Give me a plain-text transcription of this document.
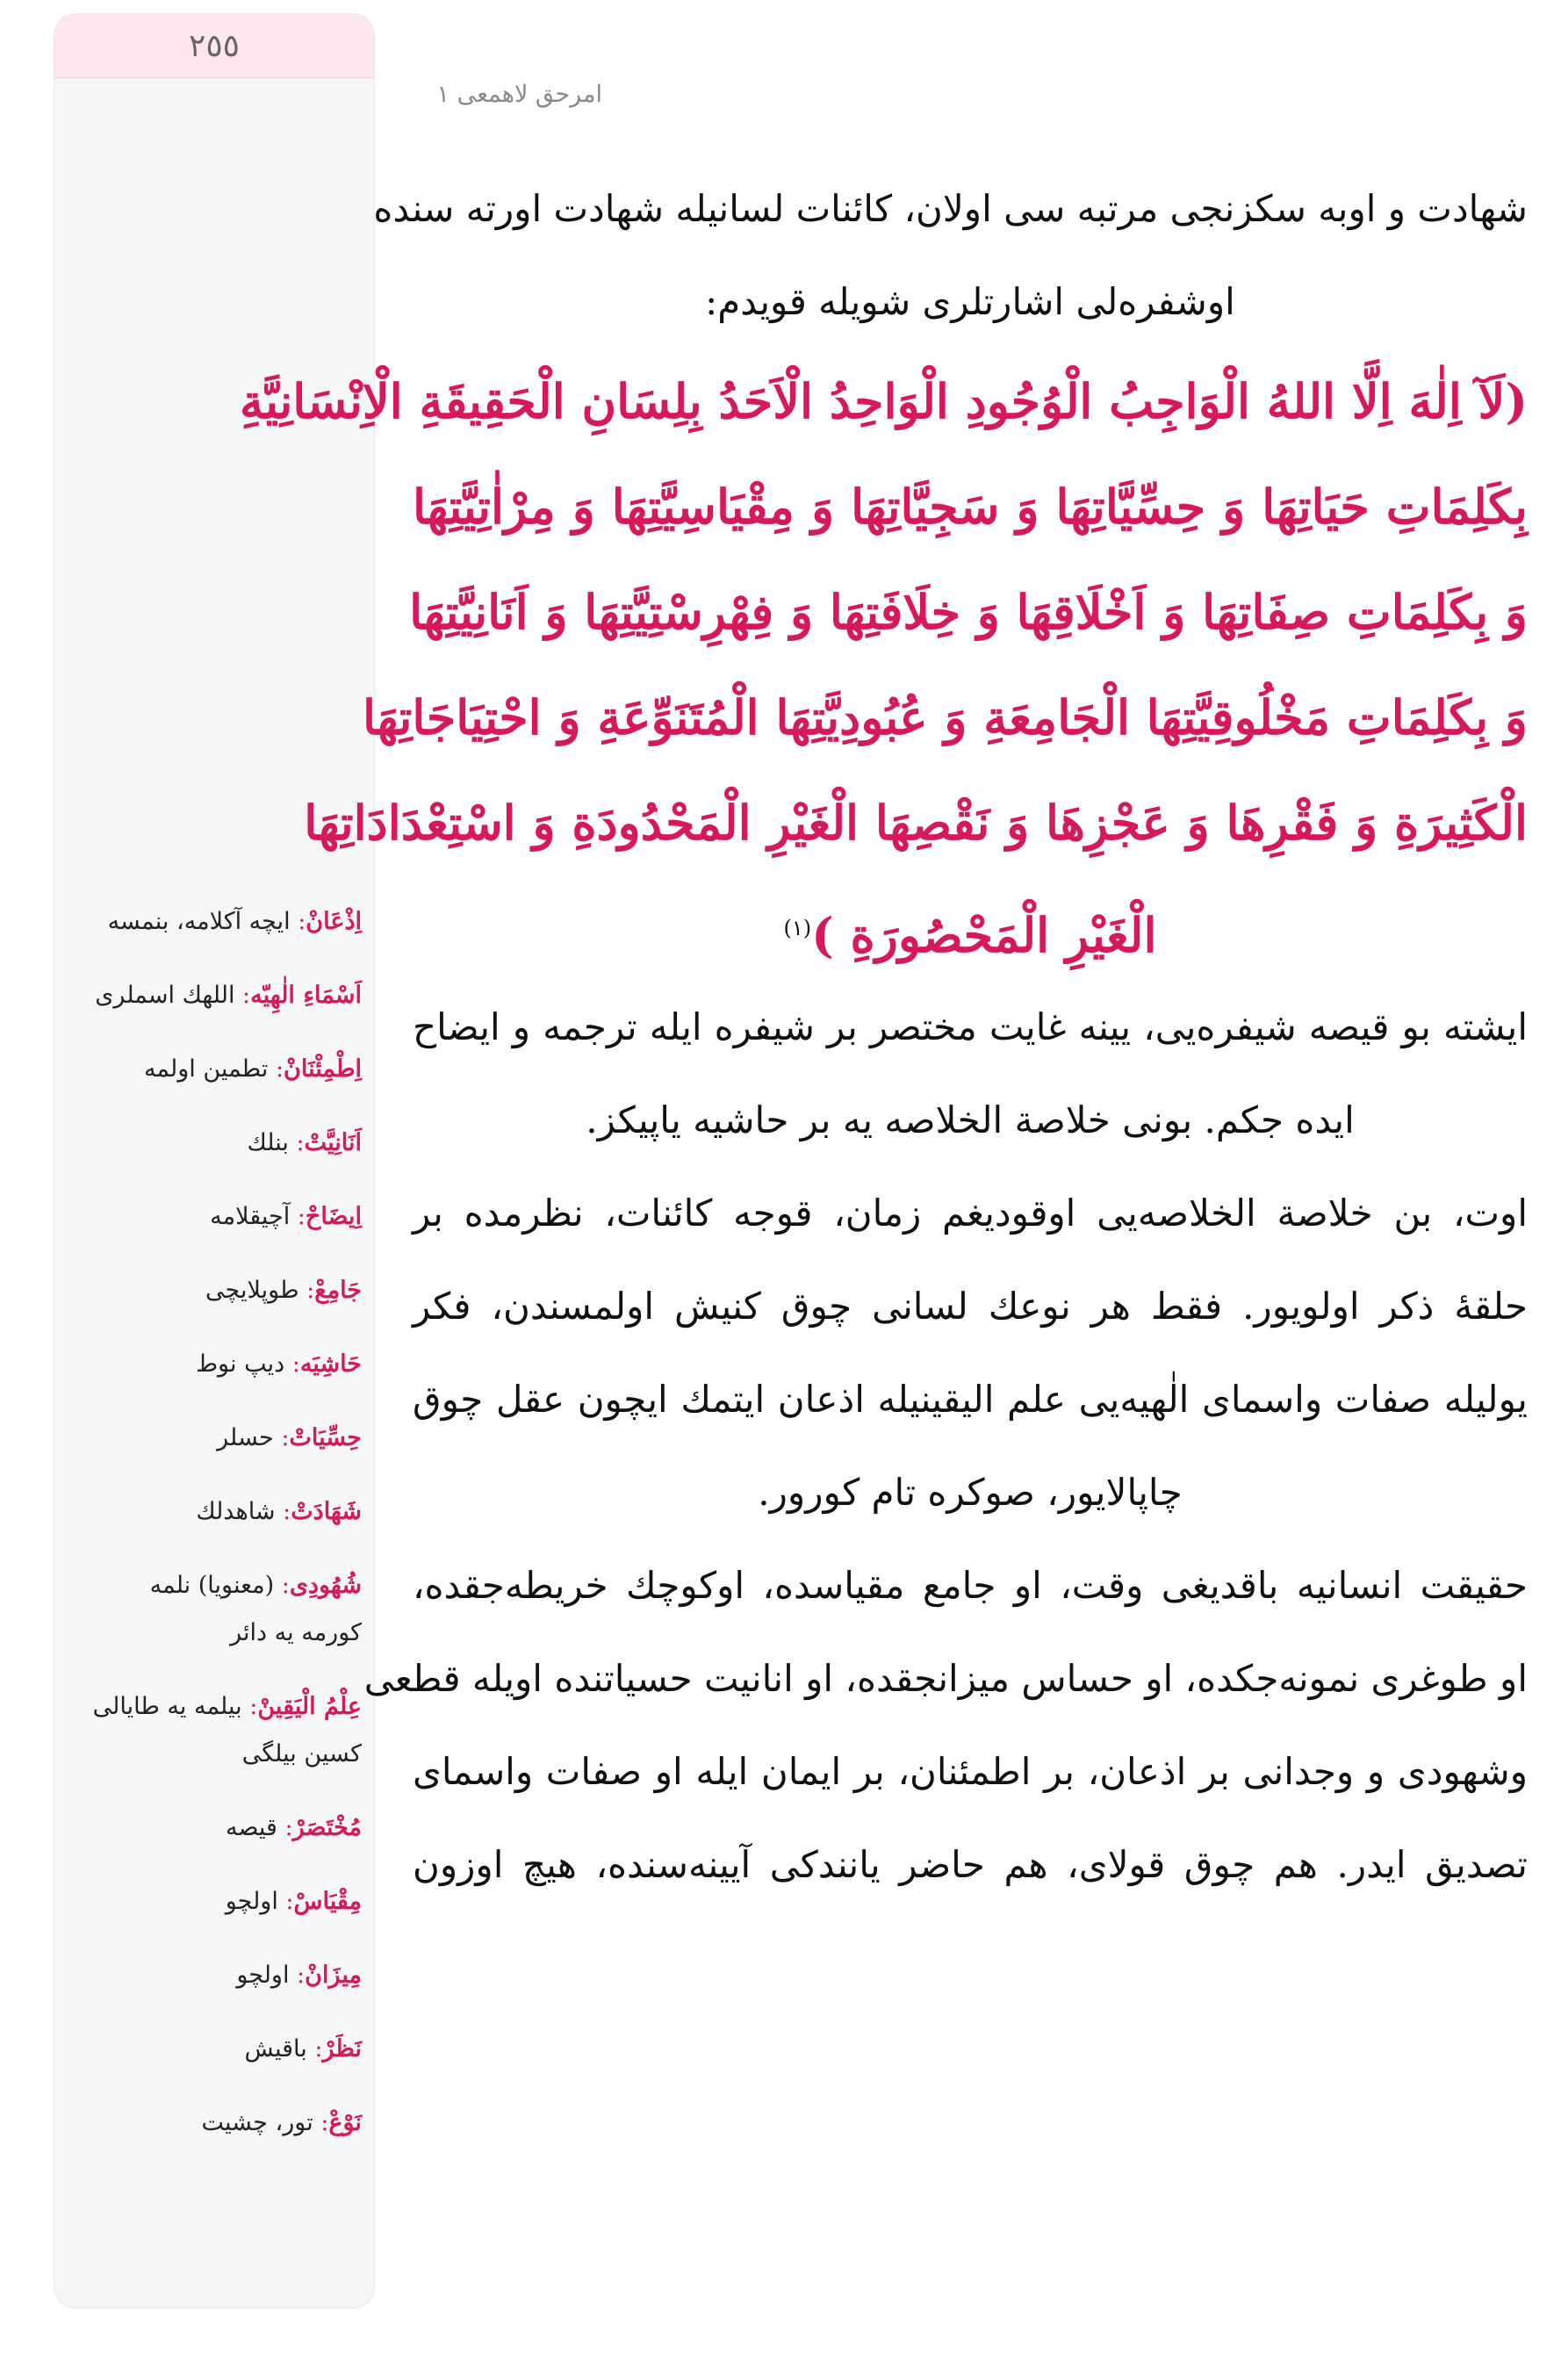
٢٥٥
اِذْعَانْ: ايچه آكلامه، بنمسه
اَسْمَاءِ الٰهِيّه: اللهك اسملری
اِطْمِئْنَانْ: تطمين اولمه
اَنَانِيَّتْ: بنلك
اِيضَاحْ: آچيقلامه
جَامِعْ: طوپلايچی
حَاشِيَه: ديپ نوط
حِسِّيَاتْ: حسلر
شَهَادَتْ: شاهدلك
شُهُودِی: (معنويا) نلمه
كورمه يه دائر
عِلْمُ الْيَقِينْ: بيلمه يه طايالی
كسين بيلگی
مُخْتَصَرْ: قيصه
مِقْيَاسْ: اولچو
مِيزَانْ: اولچو
نَظَرْ: باقيش
نَوْعْ: تور، چشيت
امرحق لاهمعی ١
شهادت و اوبه سكزنجی مرتبه سی اولان، كائنات لسانيله شهادت اورته سنده
اوشفره‌لی اشارتلری شويله قويدم:
(لَآ اِلٰهَ اِلَّا اللهُ الْوَاجِبُ الْوُجُودِ الْوَاحِدُ الْاَحَدُ بِلِسَانِ الْحَقِيقَةِ الْاِنْسَانِيَّةِ
بِكَلِمَاتِ حَيَاتِهَا وَ حِسِّيَّاتِهَا وَ سَجِيَّاتِهَا وَ مِقْيَاسِيَّتِهَا وَ مِرْاٰتِيَّتِهَا
وَ بِكَلِمَاتِ صِفَاتِهَا وَ اَخْلَاقِهَا وَ خِلَافَتِهَا وَ فِهْرِسْتِيَّتِهَا وَ اَنَانِيَّتِهَا
وَ بِكَلِمَاتِ مَخْلُوقِيَّتِهَا الْجَامِعَةِ وَ عُبُودِيَّتِهَا الْمُتَنَوِّعَةِ وَ احْتِيَاجَاتِهَا
الْكَثِيرَةِ وَ فَقْرِهَا وَ عَجْزِهَا وَ نَقْصِهَا الْغَيْرِ الْمَحْدُودَةِ وَ اسْتِعْدَادَاتِهَا
الْغَيْرِ الْمَحْصُورَةِ )$^{(١)}$
ايشته بو قيصه شيفره‌يی، يينه غايت مختصر بر شيفره ايله ترجمه و ايضاح
ايده جكم. بونی خلاصة الخلاصه يه بر حاشيه ياپيكز.
اوت، بن خلاصة الخلاصه‌يی اوقوديغم زمان، قوجه كائنات، نظرمده بر
حلقهٔ ذكر اولويور. فقط هر نوعك لسانی چوق كنيش اولمسندن، فكر
يوليله صفات واسمای الٰهيه‌يی علم اليقينيله اذعان ايتمك ايچون عقل چوق
چاپالايور، صوكره تام كورور.
حقيقت انسانيه باقديغی وقت، او جامع مقياسده، اوكوچك خريطه‌جقده،
او طوغری نمونه‌جكده، او حساس ميزانجقده، او انانيت حسياتنده اويله قطعی
وشهودی و وجدانی بر اذعان، بر اطمئنان، بر ايمان ايله او صفات واسمای
تصديق ايدر. هم چوق قولای، هم حاضر يانندكی آيينه‌سنده، هيچ اوزون
